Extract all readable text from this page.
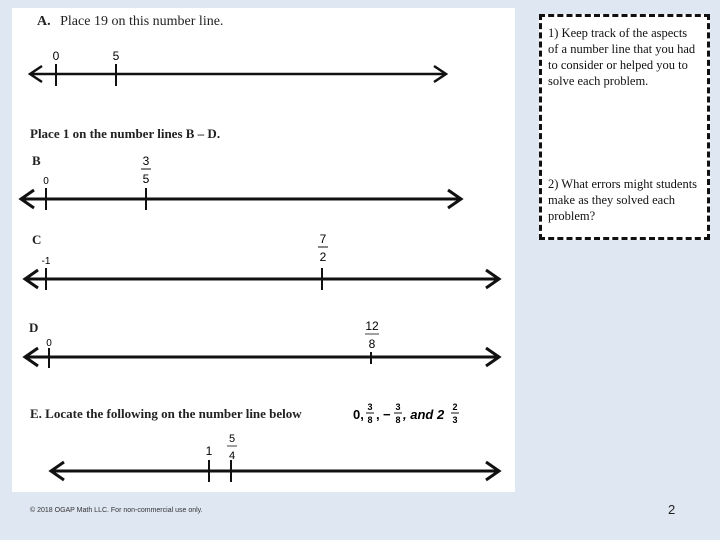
A. Place 19 on this number line.
Place 1 on the number lines B – D.
B
C
D
E. Locate the following on the number line below
0	5
0
3
5
-1
7
2
0
12
8
0, 3
8 , − 3
8 , and 2 2
3
1
5
4
1) Keep track of the aspects of a number line that you had to consider or helped you to solve each problem.
2) What errors might students make as they solved each problem?
© 2018 OGAP Math LLC. For non-commercial use only.	2
